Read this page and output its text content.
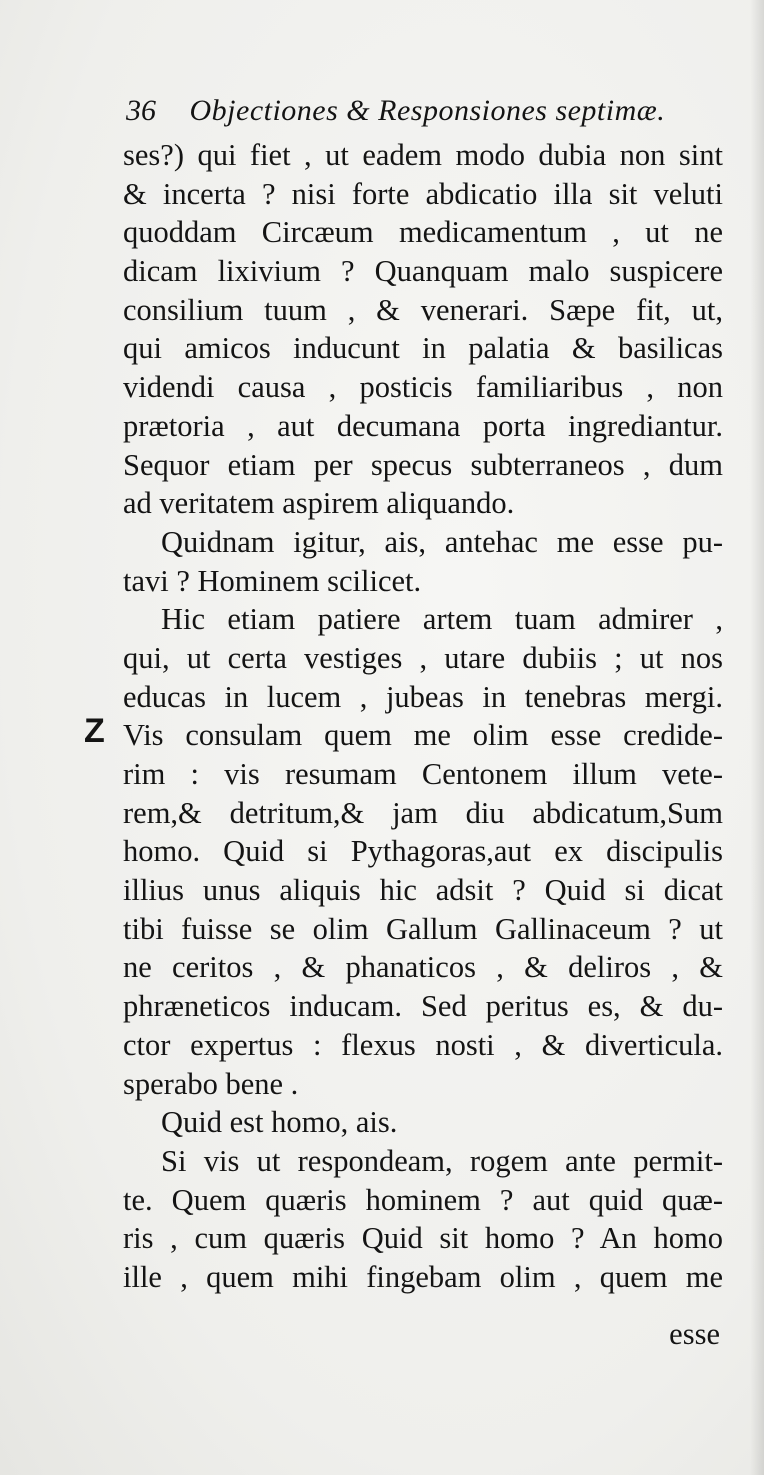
36 Objectiones & Responsiones septimæ.
Z
ses?) qui fiet , ut eadem modo dubia non sint
& incerta ? nisi forte abdicatio illa sit veluti
quoddam Circæum medicamentum , ut ne
dicam lixivium ? Quanquam malo suspicere
consilium tuum , & venerari. Sæpe fit, ut,
qui amicos inducunt in palatia & basilicas
videndi causa , posticis familiaribus , non
prætoria , aut decumana porta ingrediantur.
Sequor etiam per specus subterraneos , dum
ad veritatem aspirem aliquando.
Quidnam igitur, ais, antehac me esse pu-
tavi ? Hominem scilicet.
Hic etiam patiere artem tuam admirer ,
qui, ut certa vestiges , utare dubiis ; ut nos
educas in lucem , jubeas in tenebras mergi.
Vis consulam quem me olim esse credide-
rim : vis resumam Centonem illum vete-
rem,& detritum,& jam diu abdicatum,Sum
homo. Quid si Pythagoras,aut ex discipulis
illius unus aliquis hic adsit ? Quid si dicat
tibi fuisse se olim Gallum Gallinaceum ? ut
ne ceritos , & phanaticos , & deliros , &
phræneticos inducam. Sed peritus es, & du-
ctor expertus : flexus nosti , & diverticula.
sperabo bene .
Quid est homo, ais.
Si vis ut respondeam, rogem ante permit-
te. Quem quæris hominem ? aut quid quæ-
ris , cum quæris Quid sit homo ? An homo
ille , quem mihi fingebam olim , quem me
esse
